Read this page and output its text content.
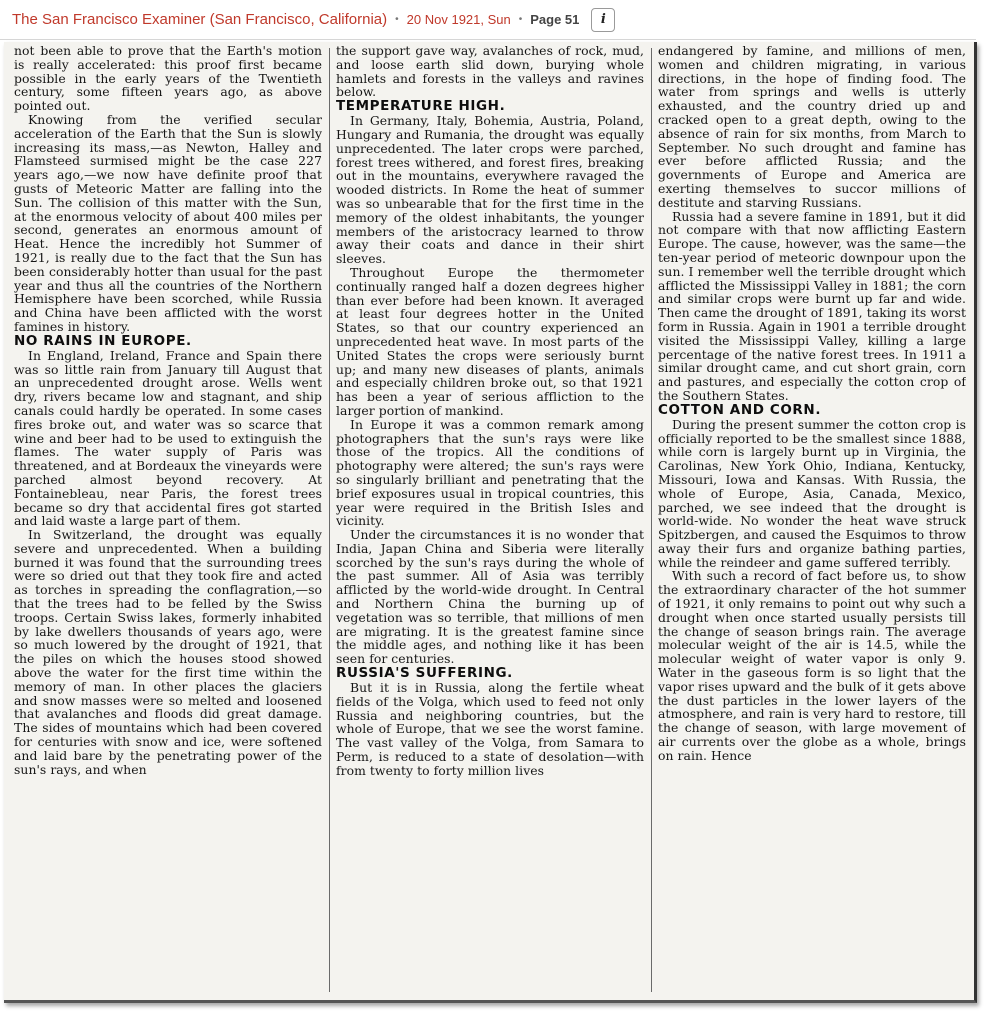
The San Francisco Examiner (San Francisco, California) • 20 Nov 1921, Sun • Page 51	i

not been able to prove that the Earth's motion is really accelerated: this proof first became possible in the early years of the Twentieth century, some fifteen years ago, as above pointed out.

Knowing from the verified secular acceleration of the Earth that the Sun is slowly increasing its mass,—as Newton, Halley and Flamsteed surmised might be the case 227 years ago,—we now have definite proof that gusts of Meteoric Matter are falling into the Sun. The collision of this matter with the Sun, at the enormous velocity of about 400 miles per second, generates an enormous amount of Heat. Hence the incredibly hot Summer of 1921, is really due to the fact that the Sun has been considerably hotter than usual for the past year and thus all the countries of the Northern Hemisphere have been scorched, while Russia and China have been afflicted with the worst famines in history.

NO RAINS IN EUROPE.

In England, Ireland, France and Spain there was so little rain from January till August that an unprecedented drought arose. Wells went dry, rivers became low and stagnant, and ship canals could hardly be operated. In some cases fires broke out, and water was so scarce that wine and beer had to be used to extinguish the flames. The water supply of Paris was threatened, and at Bordeaux the vineyards were parched almost beyond recovery. At Fontainebleau, near Paris, the forest trees became so dry that accidental fires got started and laid waste a large part of them.

In Switzerland, the drought was equally severe and unprecedented. When a building burned it was found that the surrounding trees were so dried out that they took fire and acted as torches in spreading the conflagration,—so that the trees had to be felled by the Swiss troops. Certain Swiss lakes, formerly inhabited by lake dwellers thousands of years ago, were so much lowered by the drought of 1921, that the piles on which the houses stood showed above the water for the first time within the memory of man. In other places the glaciers and snow masses were so melted and loosened that avalanches and floods did great damage. The sides of mountains which had been covered for centuries with snow and ice, were softened and laid bare by the penetrating power of the sun's rays, and when

the support gave way, avalanches of rock, mud, and loose earth slid down, burying whole hamlets and forests in the valleys and ravines below.

TEMPERATURE HIGH.

In Germany, Italy, Bohemia, Austria, Poland, Hungary and Rumania, the drought was equally unprecedented. The later crops were parched, forest trees withered, and forest fires, breaking out in the mountains, everywhere ravaged the wooded districts. In Rome the heat of summer was so unbearable that for the first time in the memory of the oldest inhabitants, the younger members of the aristocracy learned to throw away their coats and dance in their shirt sleeves.

Throughout Europe the thermometer continually ranged half a dozen degrees higher than ever before had been known. It averaged at least four degrees hotter in the United States, so that our country experienced an unprecedented heat wave. In most parts of the United States the crops were seriously burnt up; and many new diseases of plants, animals and especially children broke out, so that 1921 has been a year of serious affliction to the larger portion of mankind.

In Europe it was a common remark among photographers that the sun's rays were like those of the tropics. All the conditions of photography were altered; the sun's rays were so singularly brilliant and penetrating that the brief exposures usual in tropical countries, this year were required in the British Isles and vicinity.

Under the circumstances it is no wonder that India, Japan China and Siberia were literally scorched by the sun's rays during the whole of the past summer. All of Asia was terribly afflicted by the world-wide drought. In Central and Northern China the burning up of vegetation was so terrible, that millions of men are migrating. It is the greatest famine since the middle ages, and nothing like it has been seen for centuries.

RUSSIA'S SUFFERING.

But it is in Russia, along the fertile wheat fields of the Volga, which used to feed not only Russia and neighboring countries, but the whole of Europe, that we see the worst famine. The vast valley of the Volga, from Samara to Perm, is reduced to a state of desolation—with from twenty to forty million lives

endangered by famine, and millions of men, women and children migrating, in various directions, in the hope of finding food. The water from springs and wells is utterly exhausted, and the country dried up and cracked open to a great depth, owing to the absence of rain for six months, from March to September. No such drought and famine has ever before afflicted Russia; and the governments of Europe and America are exerting themselves to succor millions of destitute and starving Russians.

Russia had a severe famine in 1891, but it did not compare with that now afflicting Eastern Europe. The cause, however, was the same—the ten-year period of meteoric downpour upon the sun. I remember well the terrible drought which afflicted the Mississippi Valley in 1881; the corn and similar crops were burnt up far and wide. Then came the drought of 1891, taking its worst form in Russia. Again in 1901 a terrible drought visited the Mississippi Valley, killing a large percentage of the native forest trees. In 1911 a similar drought came, and cut short grain, corn and pastures, and especially the cotton crop of the Southern States.

COTTON AND CORN.

During the present summer the cotton crop is officially reported to be the smallest since 1888, while corn is largely burnt up in Virginia, the Carolinas, New York Ohio, Indiana, Kentucky, Missouri, Iowa and Kansas. With Russia, the whole of Europe, Asia, Canada, Mexico, parched, we see indeed that the drought is world-wide. No wonder the heat wave struck Spitzbergen, and caused the Esquimos to throw away their furs and organize bathing parties, while the reindeer and game suffered terribly.

With such a record of fact before us, to show the extraordinary character of the hot summer of 1921, it only remains to point out why such a drought when once started usually persists till the change of season brings rain. The average molecular weight of the air is 14.5, while the molecular weight of water vapor is only 9. Water in the gaseous form is so light that the vapor rises upward and the bulk of it gets above the dust particles in the lower layers of the atmosphere, and rain is very hard to restore, till the change of season, with large movement of air currents over the globe as a whole, brings on rain. Hence
